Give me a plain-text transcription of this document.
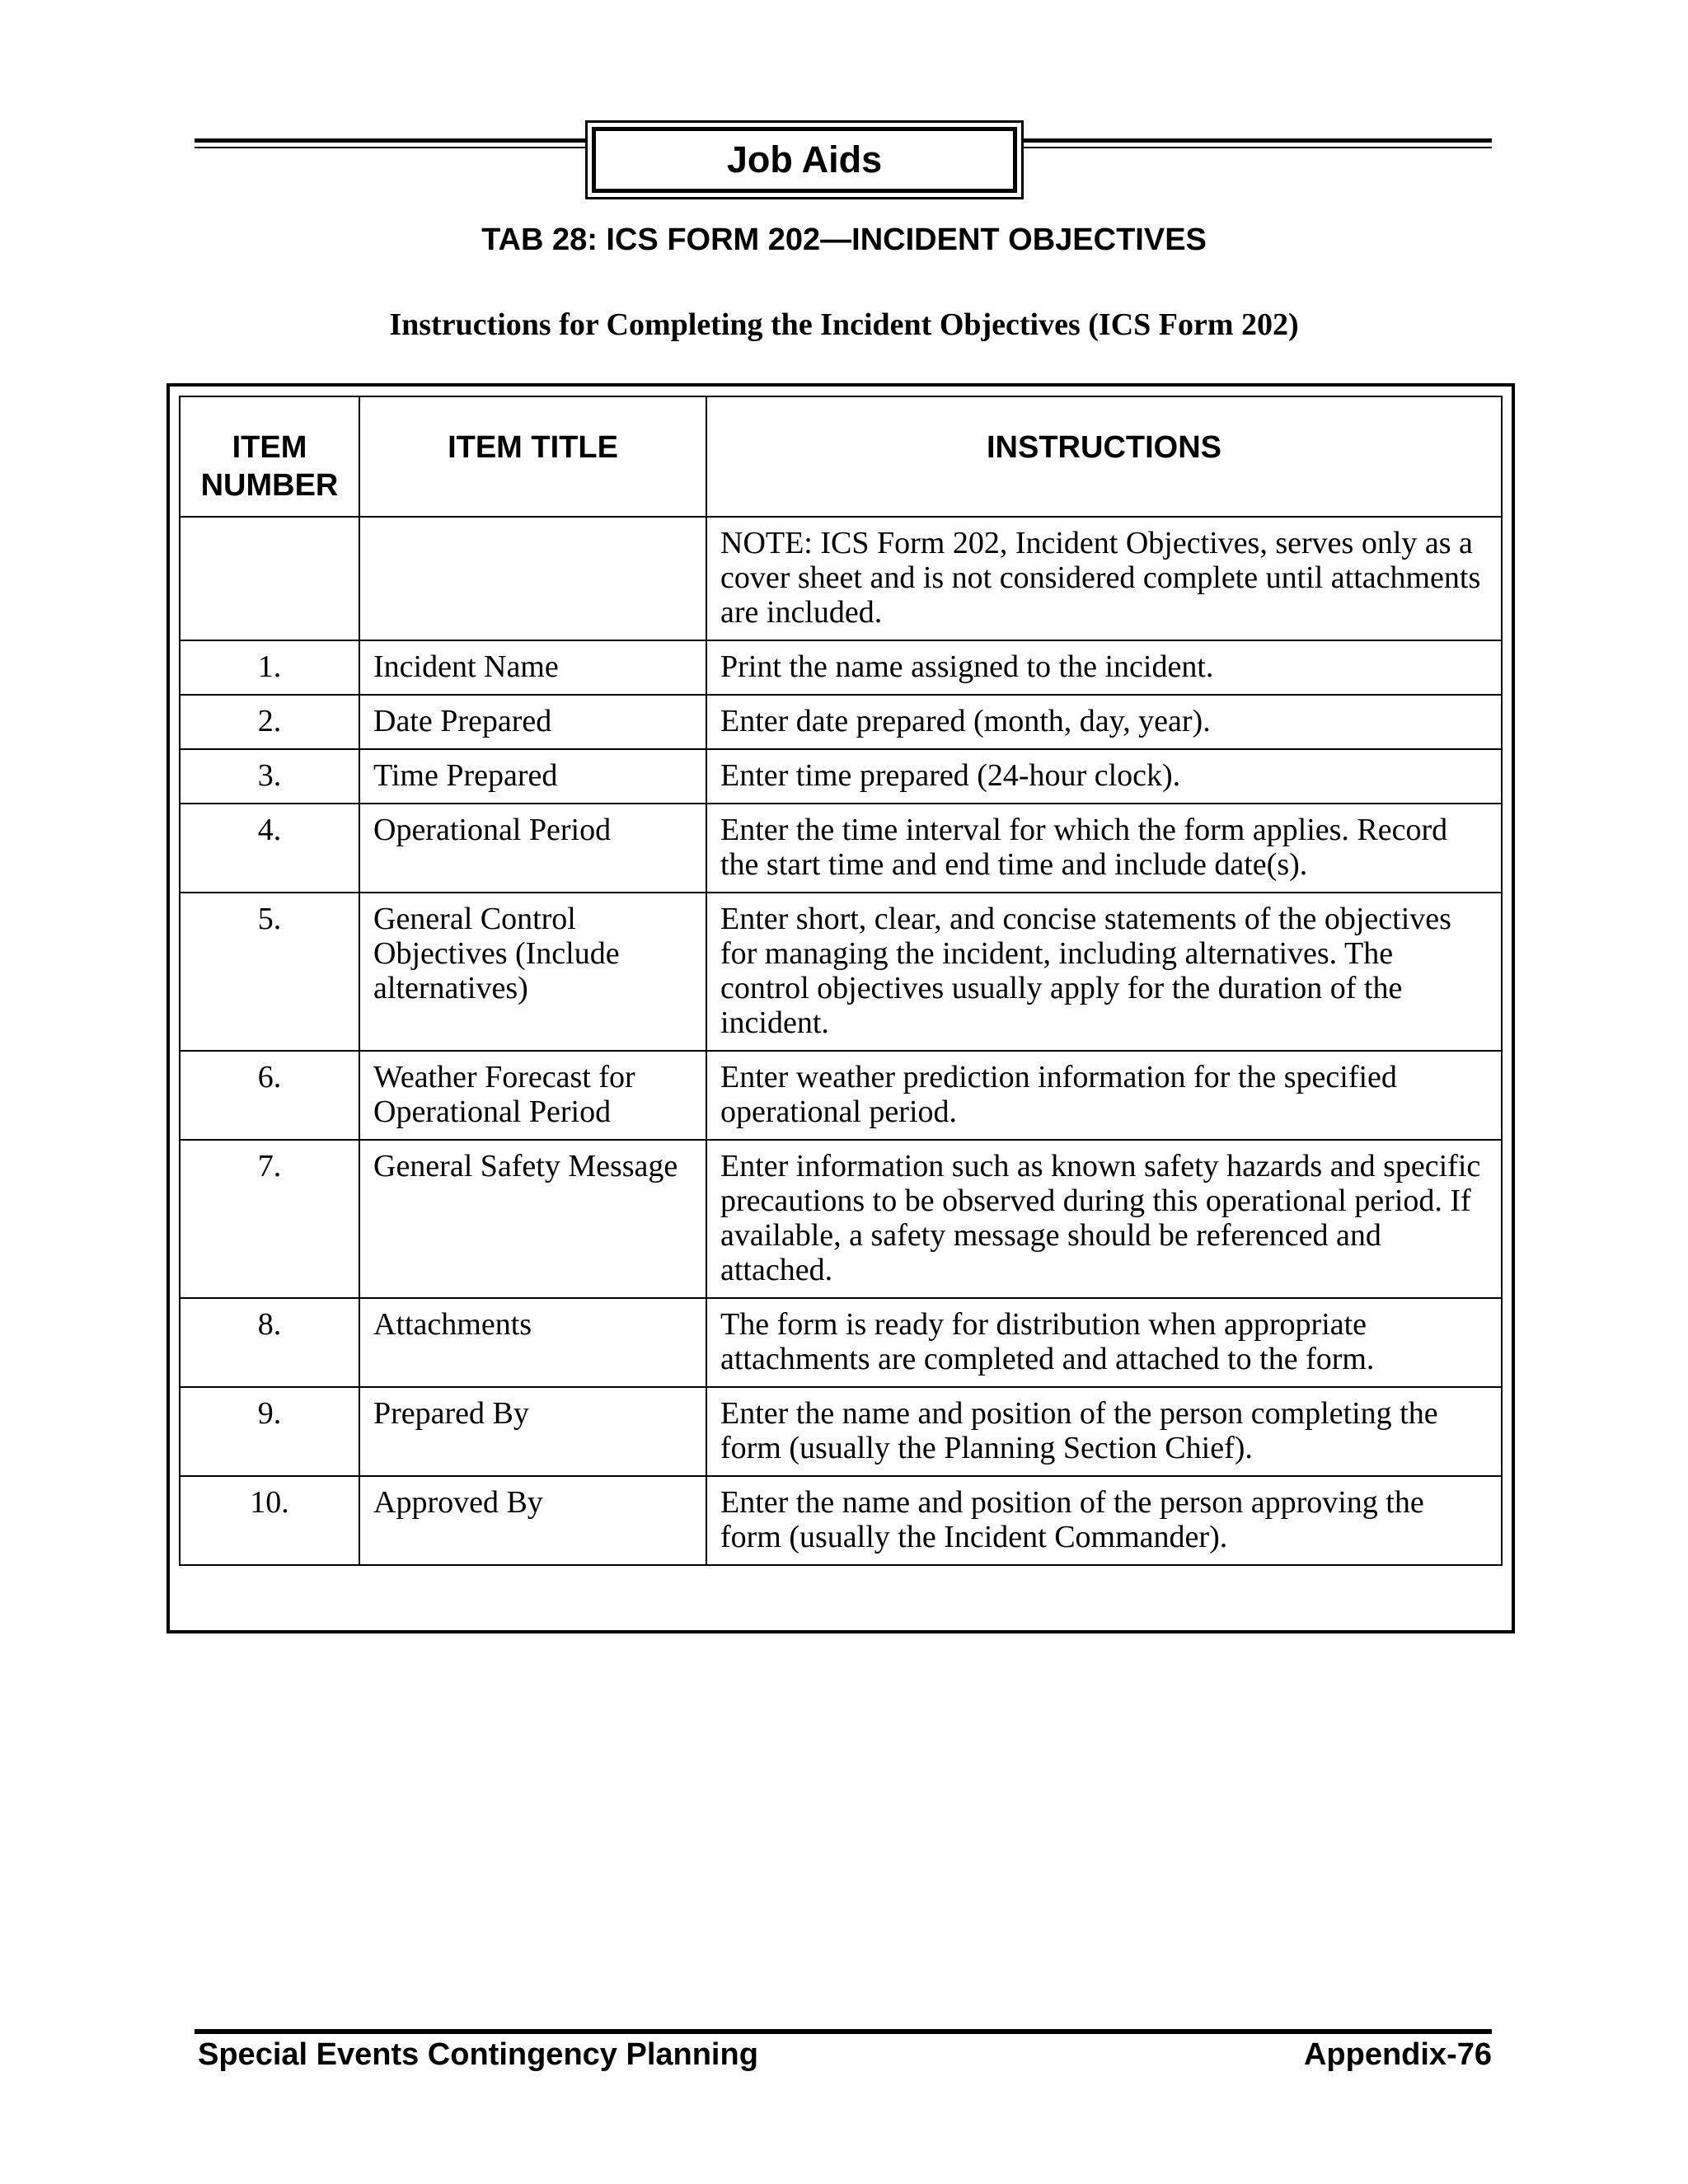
Job Aids
TAB 28: ICS FORM 202—INCIDENT OBJECTIVES
Instructions for Completing the Incident Objectives (ICS Form 202)
ITEM NUMBER	ITEM TITLE	INSTRUCTIONS
		NOTE: ICS Form 202, Incident Objectives, serves only as a cover sheet and is not considered complete until attachments are included.
1.	Incident Name	Print the name assigned to the incident.
2.	Date Prepared	Enter date prepared (month, day, year).
3.	Time Prepared	Enter time prepared (24-hour clock).
4.	Operational Period	Enter the time interval for which the form applies. Record the start time and end time and include date(s).
5.	General Control Objectives (Include alternatives)	Enter short, clear, and concise statements of the objectives for managing the incident, including alternatives. The control objectives usually apply for the duration of the incident.
6.	Weather Forecast for Operational Period	Enter weather prediction information for the specified operational period.
7.	General Safety Message	Enter information such as known safety hazards and specific precautions to be observed during this operational period. If available, a safety message should be referenced and attached.
8.	Attachments	The form is ready for distribution when appropriate attachments are completed and attached to the form.
9.	Prepared By	Enter the name and position of the person completing the form (usually the Planning Section Chief).
10.	Approved By	Enter the name and position of the person approving the form (usually the Incident Commander).
Special Events Contingency Planning	Appendix-76
